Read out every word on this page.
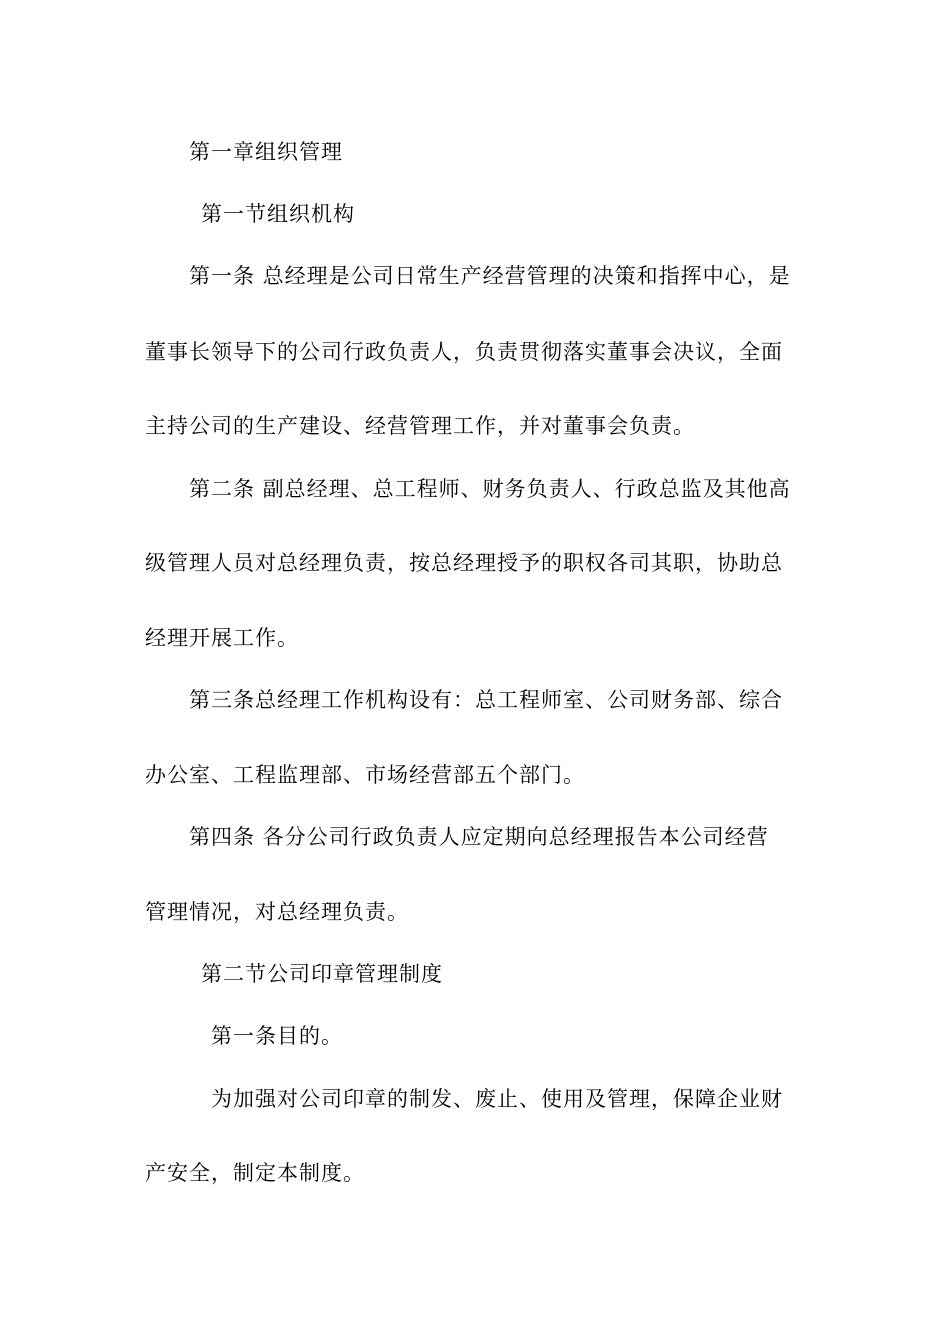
第一章组织管理

第一节组织机构

第一条 总经理是公司日常生产经营管理的决策和指挥中心，是

董事长领导下的公司行政负责人，负责贯彻落实董事会决议，全面

主持公司的生产建设、经营管理工作，并对董事会负责。

第二条 副总经理、总工程师、财务负责人、行政总监及其他高

级管理人员对总经理负责，按总经理授予的职权各司其职，协助总

经理开展工作。

第三条总经理工作机构设有：总工程师室、公司财务部、综合

办公室、工程监理部、市场经营部五个部门。

第四条 各分公司行政负责人应定期向总经理报告本公司经营

管理情况，对总经理负责。

第二节公司印章管理制度

第一条目的。

为加强对公司印章的制发、废止、使用及管理，保障企业财

产安全，制定本制度。
